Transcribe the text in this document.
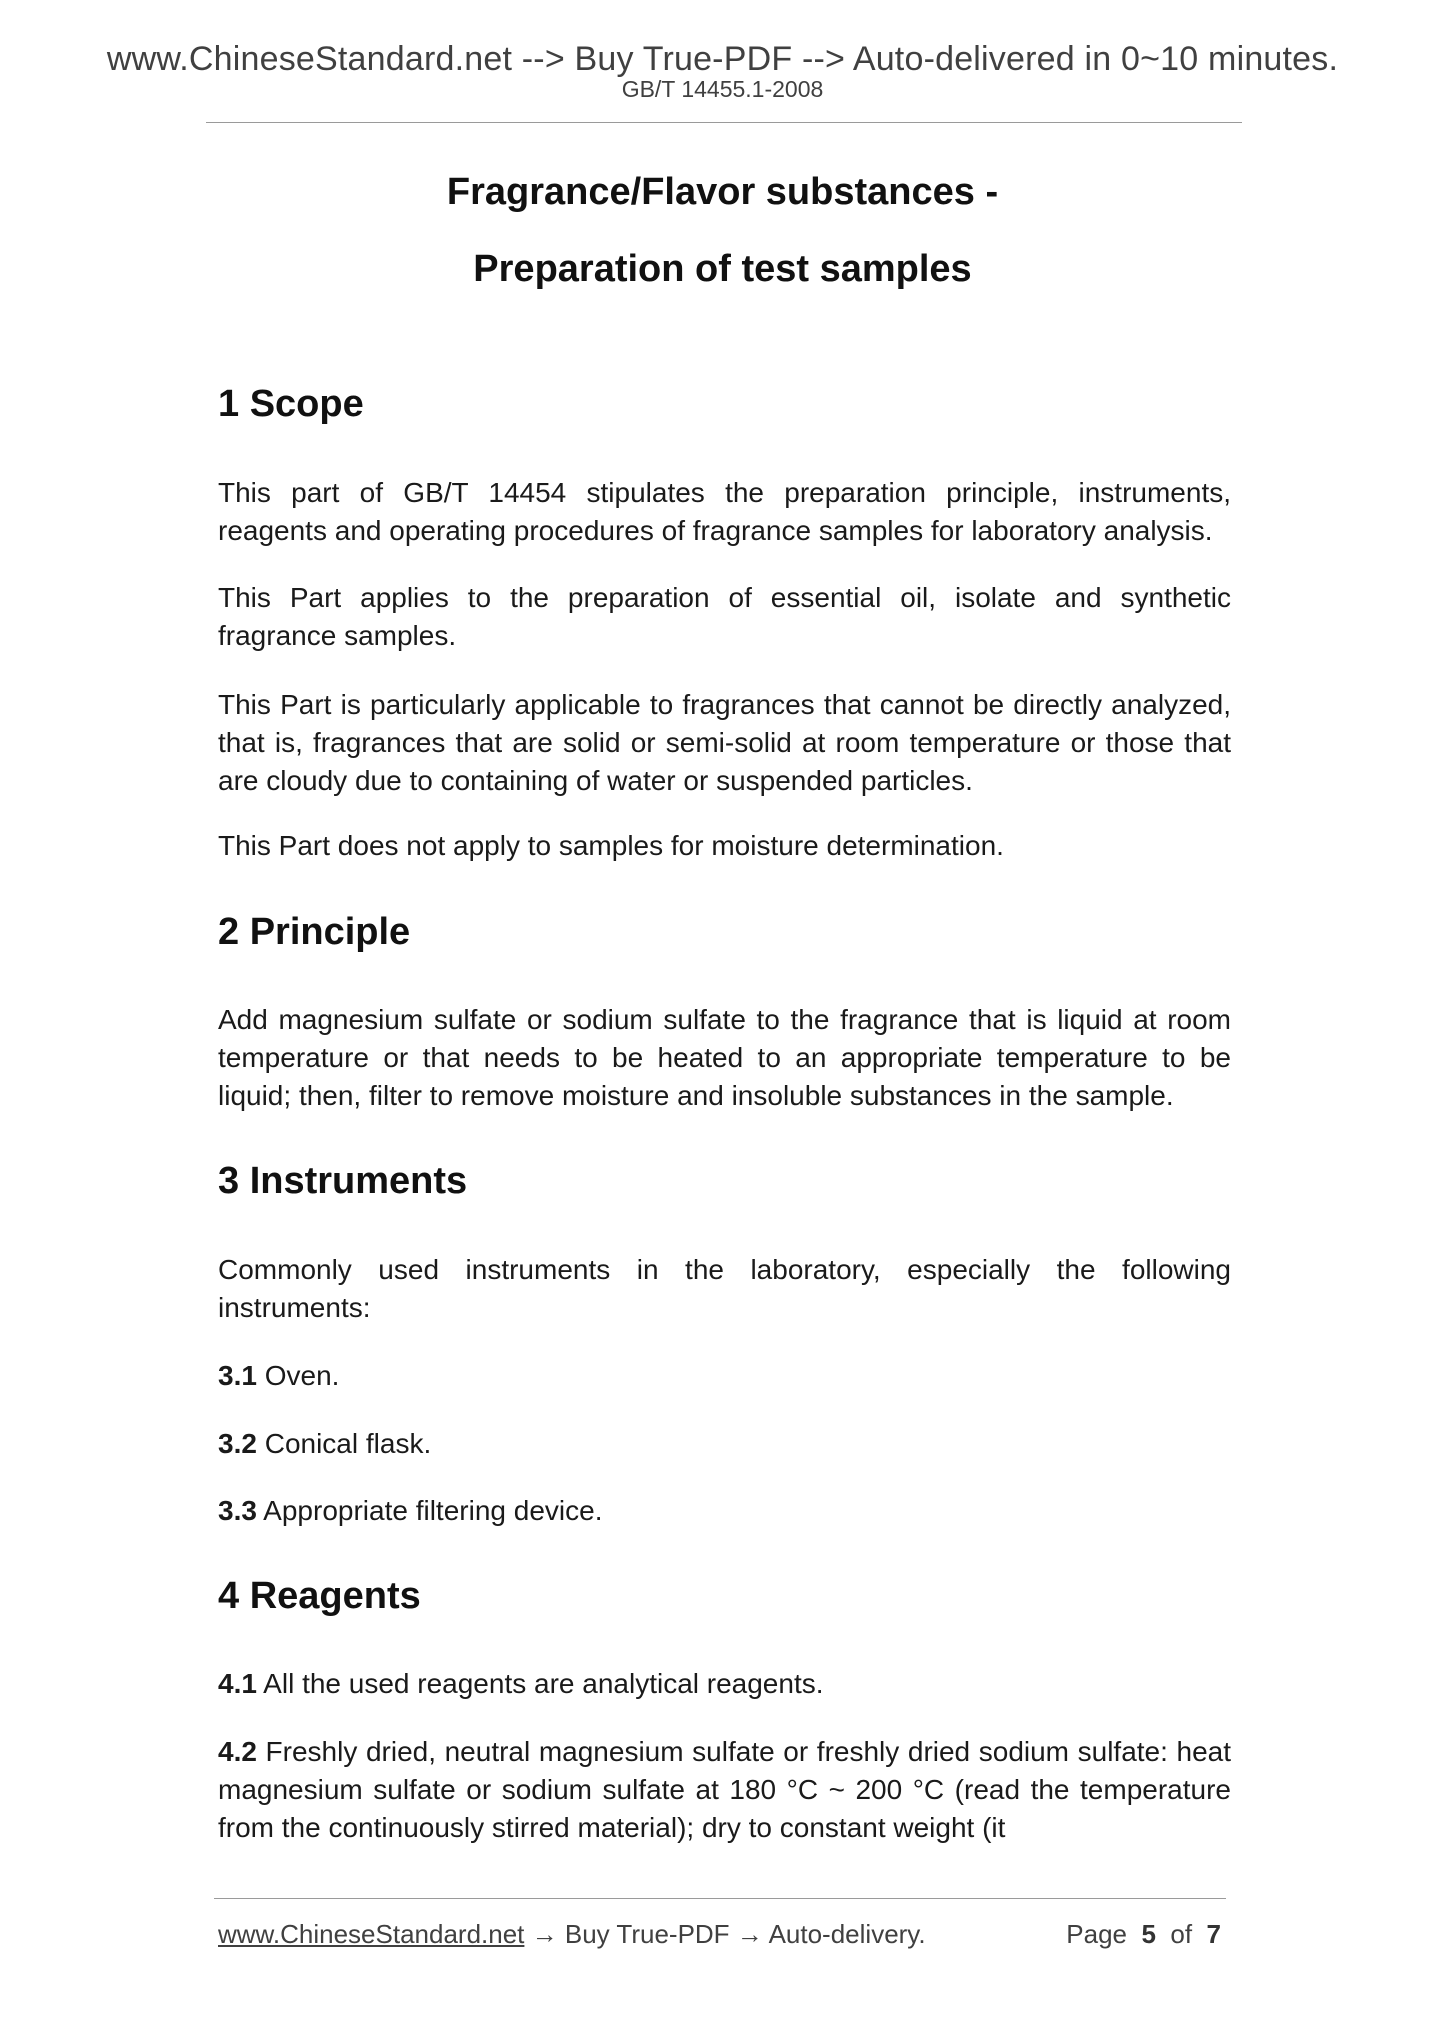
www.ChineseStandard.net --> Buy True-PDF --> Auto-delivered in 0~10 minutes.
GB/T 14455.1-2008
Fragrance/Flavor substances -
Preparation of test samples
1 Scope
This part of GB/T 14454 stipulates the preparation principle, instruments, reagents and operating procedures of fragrance samples for laboratory analysis.
This Part applies to the preparation of essential oil, isolate and synthetic fragrance samples.
This Part is particularly applicable to fragrances that cannot be directly analyzed, that is, fragrances that are solid or semi-solid at room temperature or those that are cloudy due to containing of water or suspended particles.
This Part does not apply to samples for moisture determination.
2 Principle
Add magnesium sulfate or sodium sulfate to the fragrance that is liquid at room temperature or that needs to be heated to an appropriate temperature to be liquid; then, filter to remove moisture and insoluble substances in the sample.
3 Instruments
Commonly used instruments in the laboratory, especially the following instruments:
3.1 Oven.
3.2 Conical flask.
3.3 Appropriate filtering device.
4 Reagents
4.1 All the used reagents are analytical reagents.
4.2 Freshly dried, neutral magnesium sulfate or freshly dried sodium sulfate: heat magnesium sulfate or sodium sulfate at 180 °C ~ 200 °C (read the temperature from the continuously stirred material); dry to constant weight (it
www.ChineseStandard.net → Buy True-PDF → Auto-delivery.	Page 5 of 7
